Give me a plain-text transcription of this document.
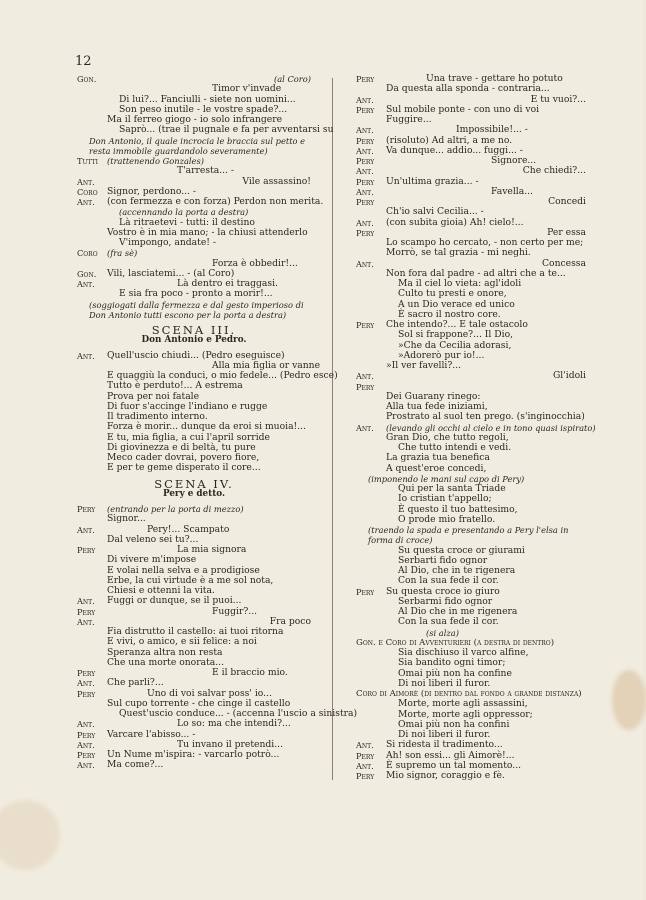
12
Gon.	(al Coro)
Timor v'invade
Di lui?... Fanciulli - siete non uomini...
Son peso inutile - le vostre spade?...
Ma il ferreo giogo - io solo infrangere
Saprò... (trae il pugnale e fa per avventarsi su
Don Antonio, il quale incrocia le braccia sul petto e
resta immobile guardandolo severamente)
Tutti	(trattenendo Gonzales)
T'arresta... -
Ant.	Vile assassino!
Coro	Signor, perdono... -
Ant.	(con fermezza e con forza) Perdon non merita.
(accennando la porta a destra)
Là ritraetevi - tutti: il destino
Vostro è in mia mano; - la chiusi attenderlo
V'impongo, andate! -
Coro	(fra sè)
Forza è obbedir!...
Gon.	Vili, lasciatemi... - (al Coro)
Ant.	Là dentro ei traggasi.
E sia fra poco - pronto a morir!...
(soggiogati dalla fermezza e dal gesto imperioso di
Don Antonio tutti escono per la porta a destra)
SCENA III.
Don Antonio e Pedro.
Ant.	Quell'uscio chiudi... (Pedro eseguisce)
Alla mia figlia or vanne
E quaggiù la conduci, o mio fedele... (Pedro esce)
Tutto è perduto!... A estrema
Prova per noi fatale
Di fuor s'accinge l'indiano e rugge
Il tradimento interno.
Forza è morir... dunque da eroi si muoia!...
E tu, mia figlia, a cui l'april sorride
Di giovinezza e di beltà, tu pure
Meco cader dovrai, povero fiore,
E per te geme disperato il core...
SCENA IV.
Pery e detto.
Pery	(entrando per la porta di mezzo)
Signor...
Ant.	Pery!... Scampato
Dal veleno sei tu?...
Pery	La mia signora
Di vivere m'impose
E volai nella selva e a prodigiose
Erbe, la cui virtude è a me sol nota,
Chiesi e ottenni la vita.
Ant.	Fuggi or dunque, se il puoi...
Pery	Fuggir?...
Ant.	Fra poco
Fia distrutto il castello: ai tuoi ritorna
E vivi, o amico, e sii felice: a noi
Speranza altra non resta
Che una morte onorata...
Pery	E il braccio mio.
Ant.	Che parli?...
Pery	Uno di voi salvar poss' io...
Sul cupo torrente - che cinge il castello
Quest'uscio conduce... - (accenna l'uscio a sinistra)
Ant.	Lo so: ma che intendi?...
Pery	Varcare l'abisso... -
Ant.	Tu invano il pretendi...
Pery	Un Nume m'ispira: - varcarlo potrò...
Ant.	Ma come?...
Pery	Una trave - gettare ho potuto
Da questa alla sponda - contraria...
Ant.	E tu vuoi?...
Pery	Sul mobile ponte - con uno di voi
Fuggire...
Ant.	Impossibile!... -
Pery	(risoluto) Ad altri, a me no.
Ant.	Va dunque... addio... fuggi... -
Pery	Signore...
Ant.	Che chiedi?...
Pery	Un'ultima grazia... -
Ant.	Favella...
Pery	Concedi
Ch'io salvi Cecilia... -
Ant.	(con subita gioia) Ah! cielo!...
Pery	Per essa
Lo scampo ho cercato, - non certo per me;
Morrò, se tal grazia - mi neghi.
Ant.	Concessa
Non fora dal padre - ad altri che a te...
Ma il ciel lo vieta: agl'idoli
Culto tu presti e onore,
A un Dio verace ed unico
È sacro il nostro core.
Pery	Che intendo?... E tale ostacolo
Sol si frappone?... Il Dio,
»Che da Cecilia adorasi,
»Adorerò pur io!...
»Il ver favelli?...
Ant.	Gl'idoli
Pery
Dei Guarany rinego:
Alla tua fede iniziami,
Prostrato al suol ten prego. (s'inginocchia)
Ant.	(levando gli occhi al cielo e in tono quasi ispirato)
Gran Dio, che tutto regoli,
Che tutto intendi e vedi.
La grazia tua benefica
A quest'eroe concedi,
(imponendo le mani sul capo di Pery)
Qui per la santa Triade
Io cristian t'appello;
È questo il tuo battesimo,
O prode mio fratello.
(traendo la spada e presentando a Pery l'elsa in
forma di croce)
Su questa croce or giurami
Serbarti fido ognor
Al Dio, che in te rigenera
Con la sua fede il cor.
Pery	Su questa croce io giuro
Serbarmi fido ognor
Al Dio che in me rigenera
Con la sua fede il cor.
(si alza)
Gon. e Coro di Avventurieri (a destra di dentro)
Sia dischiuso il varco alfine,
Sia bandito ogni timor;
Omai più non ha confine
Di noi liberi il furor.
Coro di Aimorè (di dentro dal fondo a grande distanza)
Morte, morte agli assassini,
Morte, morte agli oppressor;
Omai più non ha confini
Di noi liberi il furor.
Ant.	Si ridesta il tradimento...
Pery	Ah! son essi... gli Aimorè!...
Ant.	È supremo un tal momento...
Pery	Mio signor, coraggio e fè.
